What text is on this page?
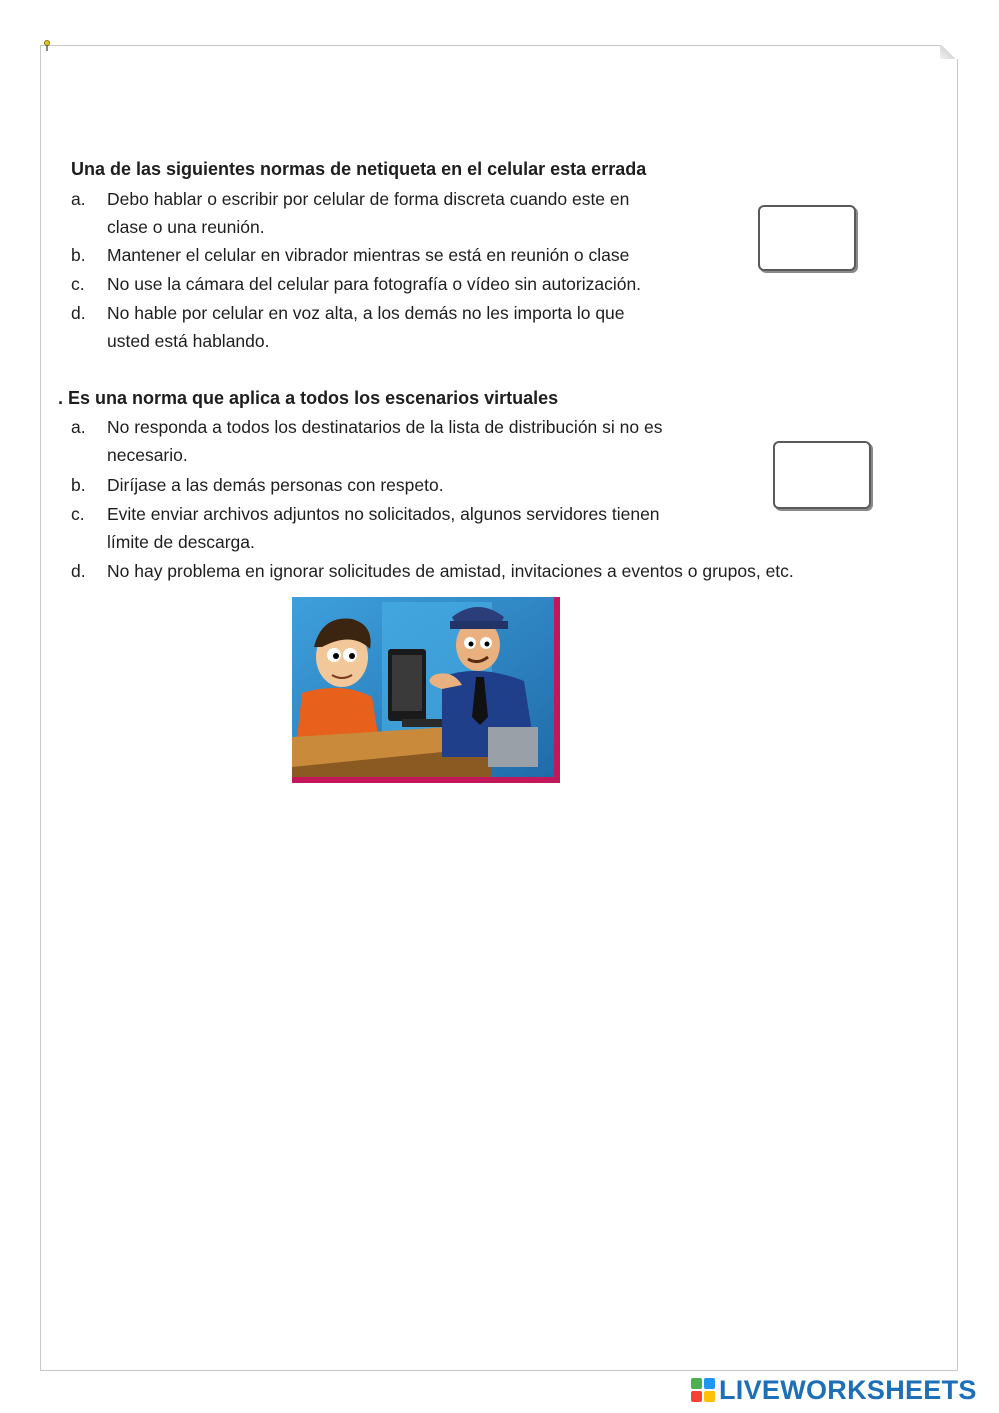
Una de las siguientes normas de netiqueta en el celular esta errada
a.	Debo hablar o escribir por celular de forma discreta cuando este en
clase o una reunión.
b.	Mantener el celular en vibrador mientras se está en reunión o clase
c.	No use la cámara del celular para fotografía o vídeo sin autorización.
d.	No hable por celular en voz alta, a los demás no les importa lo que
usted está hablando.
. Es una norma que aplica a todos los escenarios virtuales
a.	No responda a todos los destinatarios de la lista de distribución si no es
necesario.
b.	Diríjase a las demás personas con respeto.
c.	Evite enviar archivos adjuntos no solicitados, algunos servidores tienen
límite de descarga.
d.	No hay problema en ignorar solicitudes de amistad, invitaciones a eventos o grupos, etc.
LIVEWORKSHEETS
